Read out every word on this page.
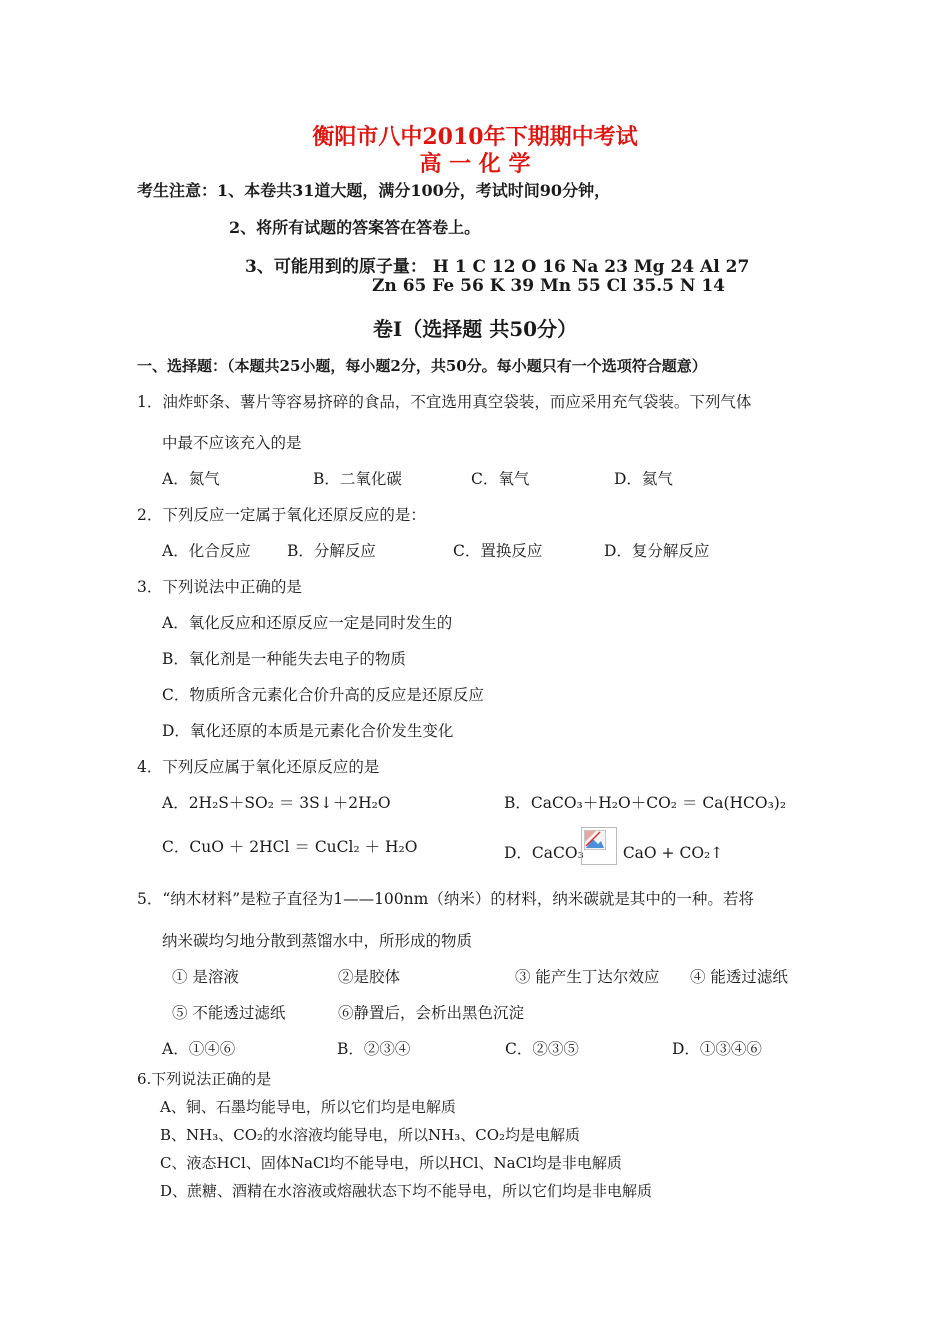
衡阳市八中2010年下期期中考试
高 一 化 学
考生注意：1、本卷共31道大题，满分100分，考试时间90分钟，
2、将所有试题的答案答在答卷上。
3、可能用到的原子量： H 1 C 12 O 16 Na 23 Mg 24 Al 27
Zn 65 Fe 56 K 39 Mn 55 Cl 35.5 N 14
卷Ⅰ（选择题 共50分）
一、选择题：（本题共25小题，每小题2分，共50分。每小题只有一个选项符合题意）
1．油炸虾条、薯片等容易挤碎的食品，不宜选用真空袋装，而应采用充气袋装。下列气体
中最不应该充入的是
A．氮气	B．二氧化碳	C．氧气	D．氦气
2．下列反应一定属于氧化还原反应的是：
A．化合反应 B．分解反应	C．置换反应	D．复分解反应
3．下列说法中正确的是
A．氧化反应和还原反应一定是同时发生的
B．氧化剂是一种能失去电子的物质
C．物质所含元素化合价升高的反应是还原反应
D．氧化还原的本质是元素化合价发生变化
4．下列反应属于氧化还原反应的是
A．2H₂S＋SO₂ ＝ 3S↓＋2H₂O	B．CaCO₃＋H₂O＋CO₂ ＝ Ca(HCO₃)₂
C．CuO ＋ 2HCl ＝ CuCl₂ ＋ H₂O	D．CaCO₃	CaO + CO₂↑
5．“纳木材料”是粒子直径为1——100nm（纳米）的材料，纳米碳就是其中的一种。若将
纳米碳均匀地分散到蒸馏水中，所形成的物质
① 是溶液	②是胶体	③ 能产生丁达尔效应 ④ 能透过滤纸
⑤ 不能透过滤纸	⑥静置后，会析出黑色沉淀
A．①④⑥	B．②③④	C．②③⑤	D．①③④⑥
6.下列说法正确的是
A、铜、石墨均能导电，所以它们均是电解质
B、NH₃、CO₂的水溶液均能导电，所以NH₃、CO₂均是电解质
C、液态HCl、固体NaCl均不能导电，所以HCl、NaCl均是非电解质
D、蔗糖、酒精在水溶液或熔融状态下均不能导电，所以它们均是非电解质
